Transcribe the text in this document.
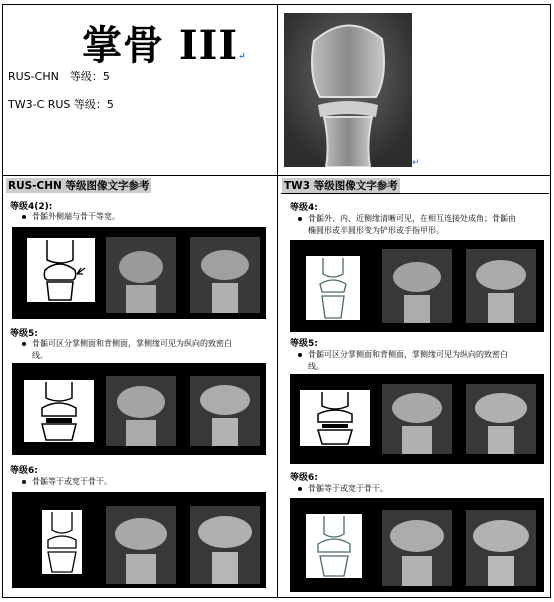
掌骨 III↵
RUS-CHN　等级：5
TW3-C RUS 等级：5
↵
RUS-CHN 等级图像文字参考
等级4(2):
骨骺外侧端与骨干等宽。
等级5:
骨骺可区分掌侧面和背侧面，掌侧缘可见为纵向的致密白
线。
等级6:
骨骺等于或宽于骨干。
TW3 等级图像文字参考
等级4:
骨骺外、内、近侧缘清晰可见，在相互连接处成角；骨骺由
椭圆形或半圆形变为铲形或手指甲形。
等级5:
骨骺可区分掌侧面和背侧面，掌侧缘可见为纵向的致密白
线。
等级6:
骨骺等于或宽于骨干。
